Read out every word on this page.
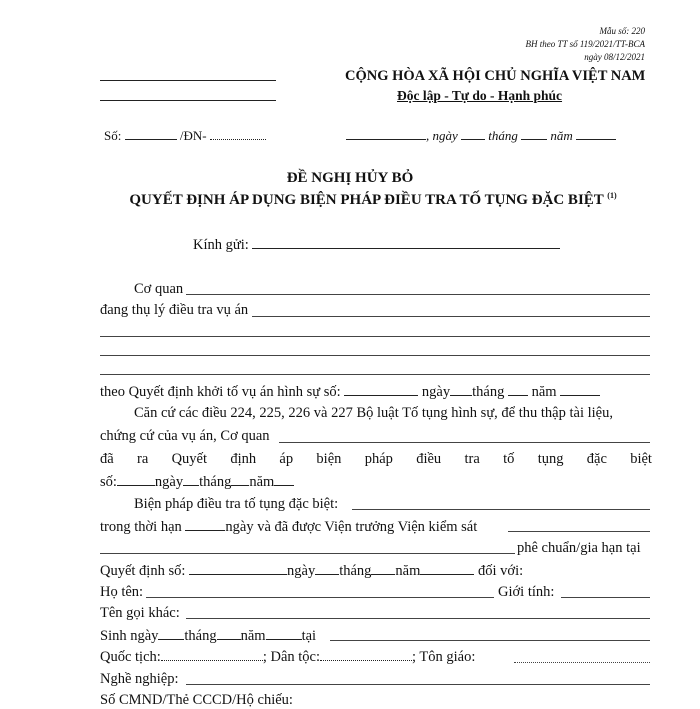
Mẫu số: 220
BH theo TT số 119/2021/TT-BCA
ngày 08/12/2021
CỘNG HÒA XÃ HỘI CHỦ NGHĨA VIỆT NAM
Độc lập - Tự do - Hạnh phúc
Số:	/ĐN-	, ngày tháng	năm
ĐỀ NGHỊ HỦY BỎ
QUYẾT ĐỊNH ÁP DỤNG BIỆN PHÁP ĐIỀU TRA TỐ TỤNG ĐẶC BIỆT $^{(1)}$
Kính gửi:
Cơ quan
đang thụ lý điều tra vụ án
theo Quyết định khởi tố vụ án hình sự số:	ngày tháng năm
Căn cứ các điều 224, 225, 226 và 227 Bộ luật Tố tụng hình sự, để thu thập tài liệu,
chứng cứ của vụ án, Cơ quan
đã ra Quyết định áp biện pháp điều tra tố tụng đặc biệt
số:	ngày tháng năm
Biện pháp điều tra tố tụng đặc biệt:
trong thời hạn	ngày và đã được Viện trưởng Viện kiểm sát
phê chuẩn/gia hạn tại
Quyết định số:	ngày tháng năm	đối với:
Họ tên:	Giới tính:
Tên gọi khác:
Sinh ngày tháng năm tại
Quốc tịch:	; Dân tộc:	; Tôn giáo:
Nghề nghiệp:
Số CMND/Thẻ CCCD/Hộ chiếu:
